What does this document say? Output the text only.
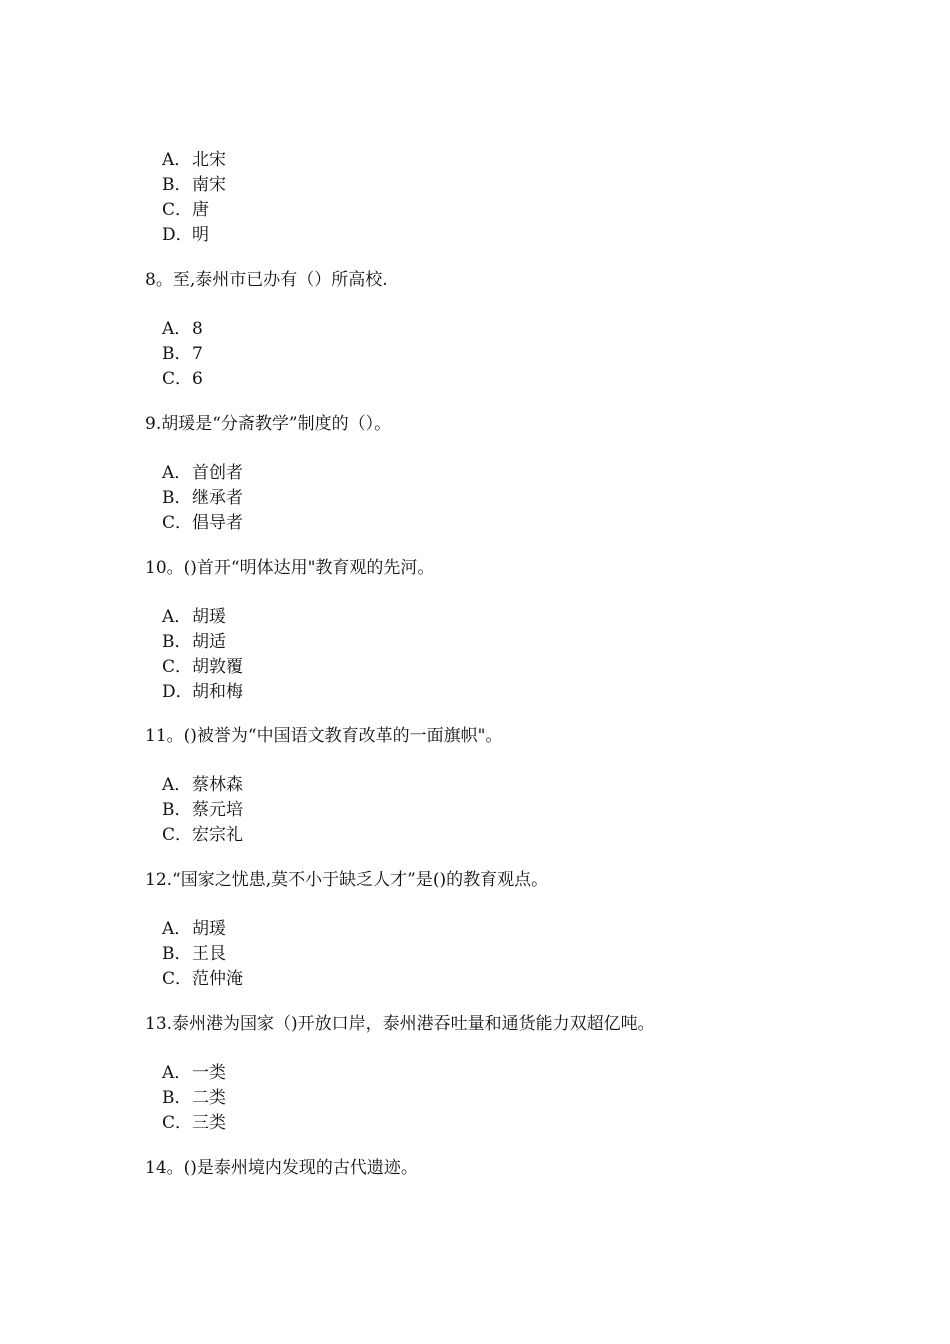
A．北宋
B．南宋
C．唐
D．明
8。至,泰州市已办有（）所高校.
A．8
B．7
C．6
9.胡瑗是“分斋教学”制度的（）。
A．首创者
B．继承者
C．倡导者
10。()首开“明体达用"教育观的先河。
A．胡瑗
B．胡适
C．胡敦覆
D．胡和梅
11。()被誉为“中国语文教育改革的一面旗帜"。
A．蔡林森
B．蔡元培
C．宏宗礼
12.“国家之忧患,莫不小于缺乏人才”是()的教育观点。
A．胡瑗
B．王艮
C．范仲淹
13.泰州港为国家（)开放口岸，泰州港吞吐量和通货能力双超亿吨。
A．一类
B．二类
C．三类
14。()是泰州境内发现的古代遗迹。
